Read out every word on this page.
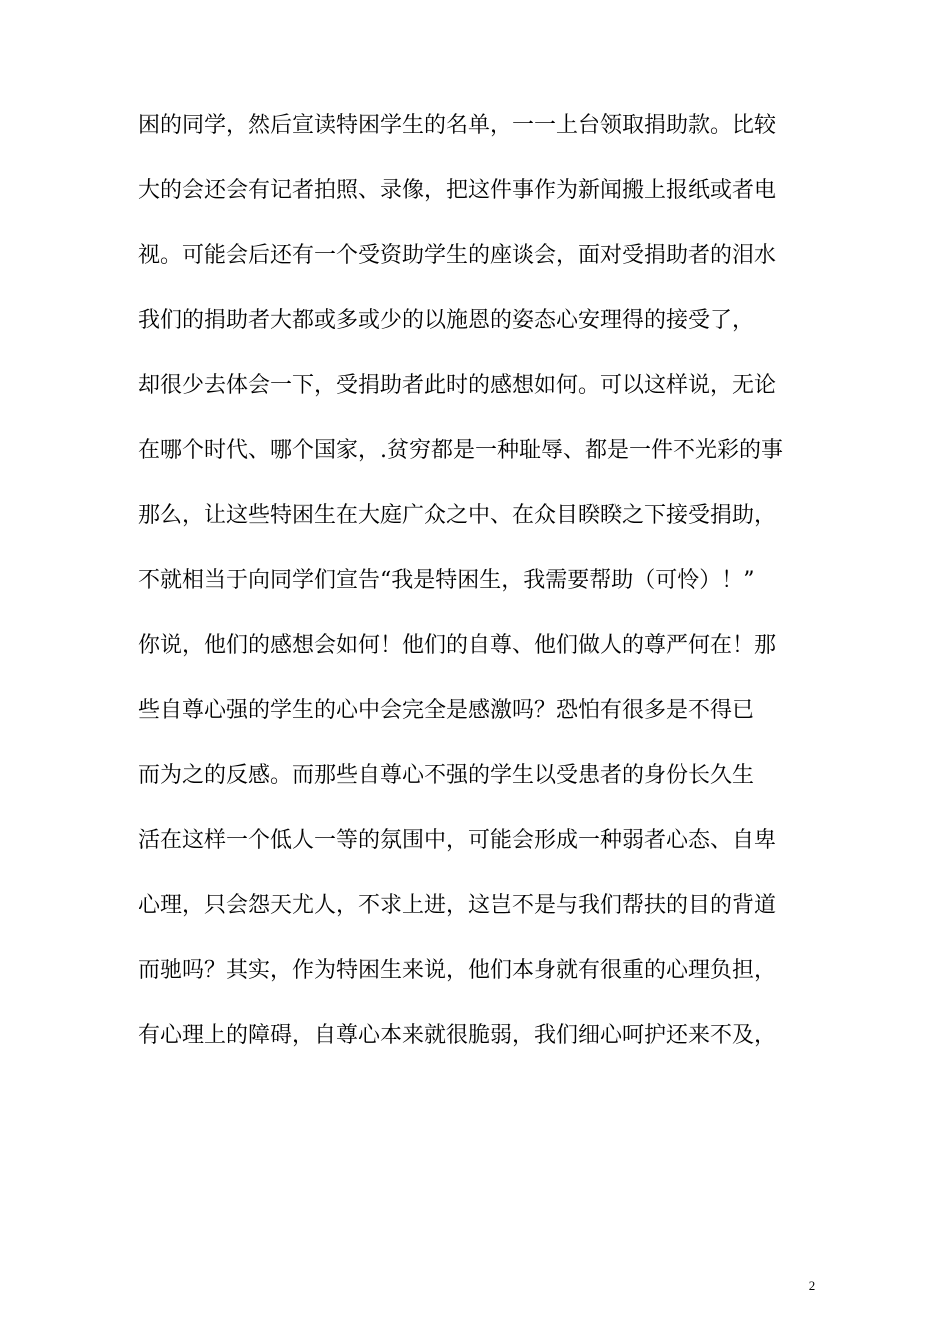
困的同学，然后宣读特困学生的名单，一一上台领取捐助款。比较
大的会还会有记者拍照、录像，把这件事作为新闻搬上报纸或者电
视。可能会后还有一个受资助学生的座谈会，面对受捐助者的泪水
我们的捐助者大都或多或少的以施恩的姿态心安理得的接受了，
却很少去体会一下，受捐助者此时的感想如何。可以这样说，无论
在哪个时代、哪个国家，.贫穷都是一种耻辱、都是一件不光彩的事
那么，让这些特困生在大庭广众之中、在众目睽睽之下接受捐助，
不就相当于向同学们宣告“我是特困生，我需要帮助（可怜）！”
你说，他们的感想会如何！他们的自尊、他们做人的尊严何在！那
些自尊心强的学生的心中会完全是感激吗？恐怕有很多是不得已
而为之的反感。而那些自尊心不强的学生以受患者的身份长久生
活在这样一个低人一等的氛围中，可能会形成一种弱者心态、自卑
心理，只会怨天尤人，不求上进，这岂不是与我们帮扶的目的背道
而驰吗？其实，作为特困生来说，他们本身就有很重的心理负担，
有心理上的障碍，自尊心本来就很脆弱，我们细心呵护还来不及，
2
